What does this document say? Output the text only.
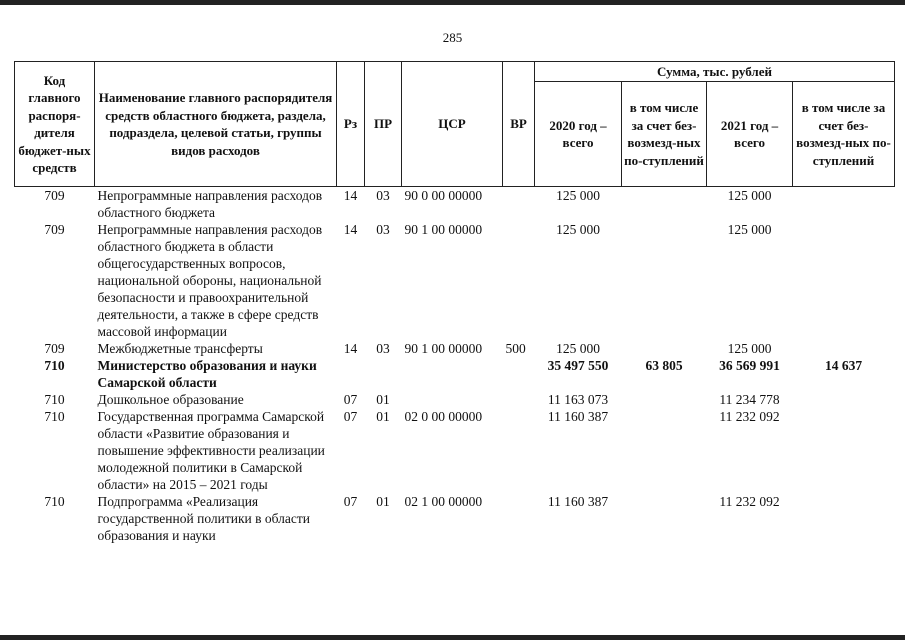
285
Код главного распоря-дителя бюджет-ных средств	Наименование главного распорядителя средств областного бюджета, раздела, подраздела, целевой статьи, группы видов расходов	Рз	ПР	ЦСР	ВР	Сумма, тыс. рублей			
						2020 год – всего	в том числе за счет без-возмезд-ных по-ступлений	2021 год – всего	в том числе за счет без-возмезд-ных по-ступлений
709	Непрограммные направления расходов областного бюджета	14	03	90 0 00 00000		125 000		125 000	
709	Непрограммные направления расходов областного бюджета в области общегосударственных вопросов, национальной обороны, национальной безопасности и правоохранительной деятельности, а также в сфере средств массовой информации	14	03	90 1 00 00000		125 000		125 000	
709	Межбюджетные трансферты	14	03	90 1 00 00000	500	125 000		125 000	
710	Министерство образования и науки Самарской области					35 497 550	63 805	36 569 991	14 637
710	Дошкольное образование	07	01			11 163 073		11 234 778	
710	Государственная программа Самарской области «Развитие образования и повышение эффективности реализации молодежной политики в Самарской области» на 2015 – 2021 годы	07	01	02 0 00 00000		11 160 387		11 232 092	
710	Подпрограмма «Реализация государственной политики в области образования и науки	07	01	02 1 00 00000		11 160 387		11 232 092	
